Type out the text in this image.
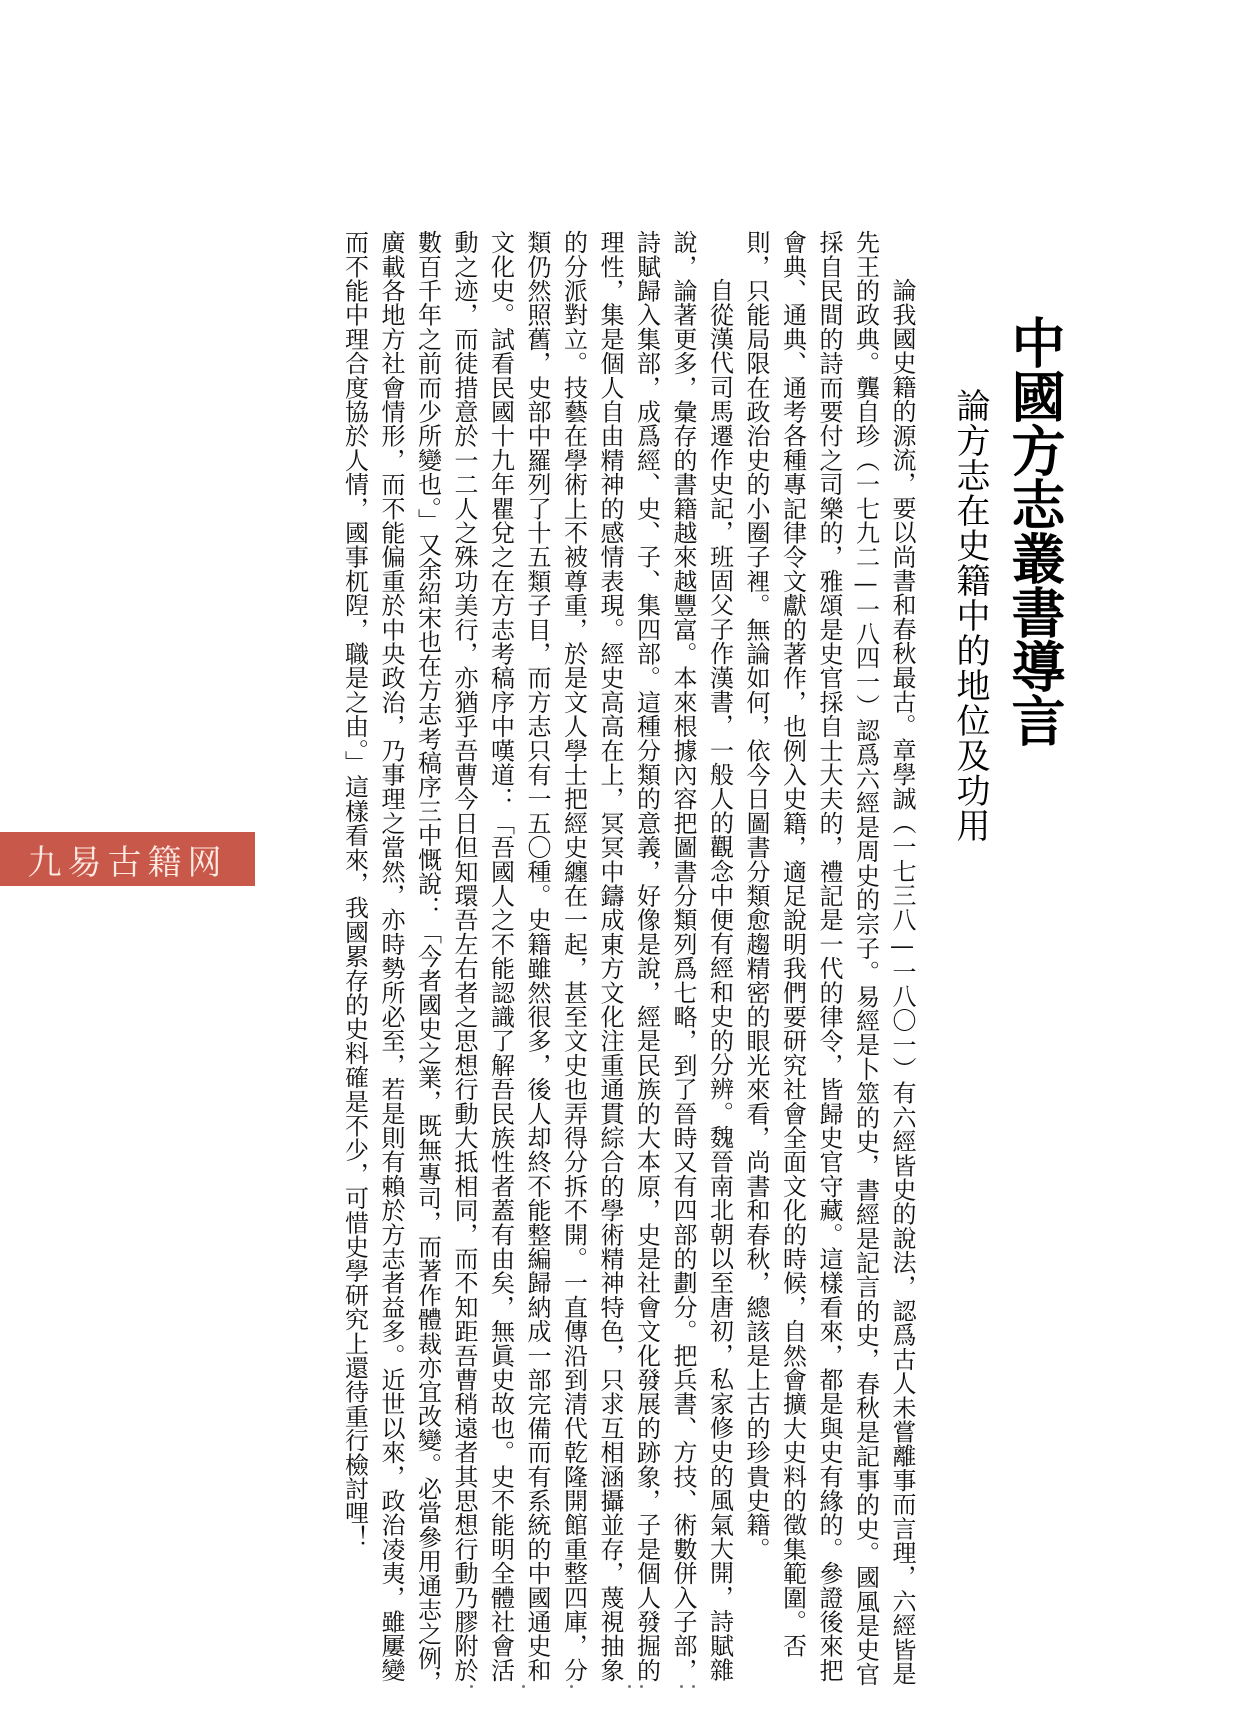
中國方志叢書導言
論方志在史籍中的地位及功用

論我國史籍的源流，要以尚書和春秋最古。章學誠（一七三八—一八〇一）有六經皆史的說法，認爲古人未嘗離事而言理，六經皆是先王的政典。龔自珍（一七九二—一八四一）認爲六經是周史的宗子。易經是卜筮的史，書經是記言的史，春秋是記事的史。國風是史官採自民間的詩而要付之司樂的，雅頌是史官採自士大夫的，禮記是一代的律令，皆歸史官守藏。這樣看來，都是與史有緣的。參證後來把會典、通典、通考各種專記律令文獻的著作，也例入史籍，適足說明我們要研究社會全面文化的時候，自然會擴大史料的徵集範圍。否則，只能局限在政治史的小圈子裡。無論如何，依今日圖書分類愈趨精密的眼光來看，尚書和春秋，總該是上古的珍貴史籍。

自從漢代司馬遷作史記，班固父子作漢書，一般人的觀念中便有經和史的分辨。魏晉南北朝以至唐初，私家修史的風氣大開，詩賦雜說，論著更多，彙存的書籍越來越豐富。本來根據內容把圖書分類列爲七略，到了晉時又有四部的劃分。把兵書、方技、術數併入子部，詩賦歸入集部，成爲經、史、子、集四部。這種分類的意義，好像是說，經是民族的大本原，史是社會文化發展的跡象，子是個人發掘的理性，集是個人自由精神的感情表現。經史高高在上，冥冥中鑄成東方文化注重通貫綜合的學術精神特色，只求互相涵攝並存，蔑視抽象的分派對立。技藝在學術上不被尊重，於是文人學士把經史纏在一起，甚至文史也弄得分拆不開。一直傳沿到清代乾隆開館重整四庫，分類仍然照舊，史部中羅列了十五類子目，而方志只有一五〇種。史籍雖然很多，後人却終不能整編歸納成一部完備而有系統的中國通史和文化史。試看民國十九年瞿兌之在方志考稿序中嘆道：「吾國人之不能認識了解吾民族性者蓋有由矣，無眞史故也。史不能明全體社會活動之迹，而徒措意於一二人之殊功美行，亦猶乎吾曹今日但知環吾左右者之思想行動大抵相同，而不知距吾曹稍遠者其思想行動乃膠附於數百千年之前而少所變也。」又余紹宋也在方志考稿序三中慨說：「今者國史之業，既無專司，而著作體裁亦宜改變。必當參用通志之例，廣載各地方社會情形，而不能偏重於中央政治，乃事理之當然，亦時勢所必至，若是則有賴於方志者益多。近世以來，政治凌夷，雖屢變而不能中理合度協於人情，國事杌隉，職是之由。」這樣看來，我國累存的史料確是不少，可惜史學研究上還待重行檢討哩！

九易古籍网
